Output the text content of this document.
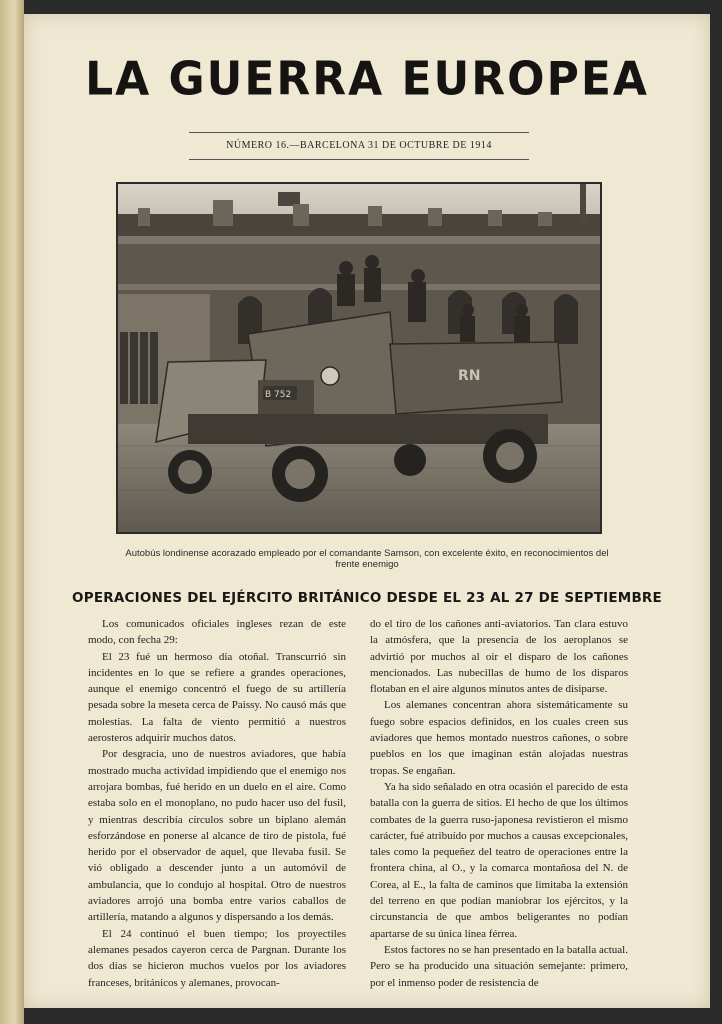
LA GUERRA EUROPEA
NÚMERO 16.—BARCELONA 31 DE OCTUBRE DE 1914
B 752
RN
Autobús londinense acorazado empleado por el comandante Samson, con excelente éxito, en reconocimientos del
frente enemigo
OPERACIONES DEL EJÉRCITO BRITÁNICO DESDE EL 23 AL 27 DE SEPTIEMBRE

Los comunicados oficiales ingleses rezan de este modo, con fecha 29:

El 23 fué un hermoso día otoñal. Transcurrió sin incidentes en lo que se refiere a grandes operaciones, aunque el enemigo concentró el fuego de su artillería pesada sobre la meseta cerca de Paissy. No causó más que molestias. La falta de viento permitió a nuestros aerosteros adquirir muchos datos.

Por desgracia, uno de nuestros aviadores, que había mostrado mucha actividad impidiendo que el enemigo nos arrojara bombas, fué herido en un duelo en el aire. Como estaba solo en el monoplano, no pudo hacer uso del fusil, y mientras describía círculos sobre un biplano alemán esforzándose en ponerse al alcance de tiro de pistola, fué herido por el observador de aquel, que llevaba fusil. Se vió obligado a descender junto a un automóvil de ambulancia, que lo condujo al hospital. Otro de nuestros aviadores arrojó una bomba entre varios caballos de artillería, matando a algunos y dispersando a los demás.

El 24 continuó el buen tiempo; los proyectiles alemanes pesados cayeron cerca de Pargnan. Durante los dos días se hicieron muchos vuelos por los aviadores franceses, británicos y alemanes, provocan-

do el tiro de los cañones anti-aviatorios. Tan clara estuvo la atmósfera, que la presencia de los aeroplanos se advirtió por muchos al oir el disparo de los cañones mencionados. Las nubecillas de humo de los disparos flotaban en el aire algunos minutos antes de disiparse.

Los alemanes concentran ahora sistemáticamente su fuego sobre espacios definidos, en los cuales creen sus aviadores que hemos montado nuestros cañones, o sobre pueblos en los que imaginan están alojadas nuestras tropas. Se engañan.

Ya ha sido señalado en otra ocasión el parecido de esta batalla con la guerra de sitios. El hecho de que los últimos combates de la guerra ruso-japonesa revistieron el mismo carácter, fué atribuído por muchos a causas excepcionales, tales como la pequeñez del teatro de operaciones entre la frontera china, al O., y la comarca montañosa del N. de Corea, al E., la falta de caminos que limitaba la extensión del terreno en que podían maniobrar los ejércitos, y la circunstancia de que ambos beligerantes no podían apartarse de su única línea férrea.

Estos factores no se han presentado en la batalla actual. Pero se ha producido una situación semejante: primero, por el inmenso poder de resistencia de
